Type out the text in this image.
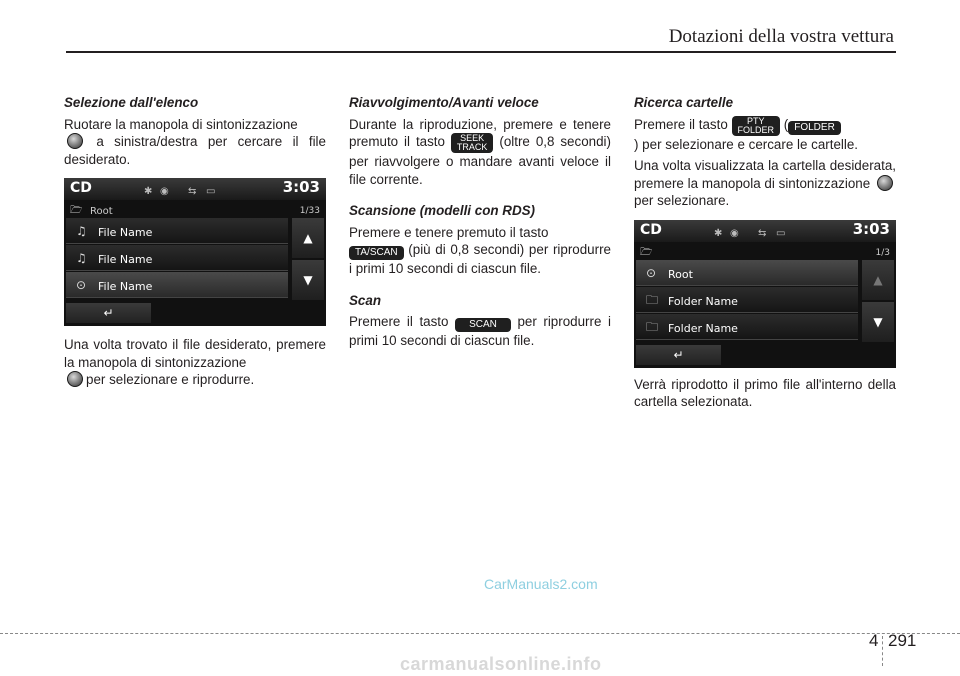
Dotazioni della vostra vettura
Selezione dall'elenco

Ruotare la manopola di sintonizzazione
a sinistra/destra per cercare il file desiderato.

CD	✱ ◉ ⇆ ▭	3:03
🗁 Root	1/33
♫ File Name
♫ File Name
⊙ File Name
▲
▼
↵

Una volta trovato il file desiderato, premere la manopola di sintonizzazione
per selezionare e riprodurre.

Riavvolgimento/Avanti veloce

Durante la riproduzione, premere e tenere premuto il tasto SEEK
TRACK (oltre 0,8 secondi) per riavvolgere o mandare avanti veloce il file corrente.

Scansione (modelli con RDS)

Premere e tenere premuto il tasto
TA/SCAN (più di 0,8 secondi) per riprodurre i primi 10 secondi di ciascun file.

Scan

Premere il tasto SCAN per riprodurre i primi 10 secondi di ciascun file.

Ricerca cartelle

Premere il tasto PTY
FOLDER ( FOLDER
) per selezionare e cercare le cartelle.

Una volta visualizzata la cartella desiderata, premere la manopola di sintonizzazione  per selezionare.

CD	✱ ◉ ⇆ ▭	3:03
🗁	1/3
⊙ Root
🗀 Folder Name
🗀 Folder Name
▲
▼
↵

Verrà riprodotto il primo file all'interno della cartella selezionata.

CarManuals2.com
4 291
carmanualsonline.info
